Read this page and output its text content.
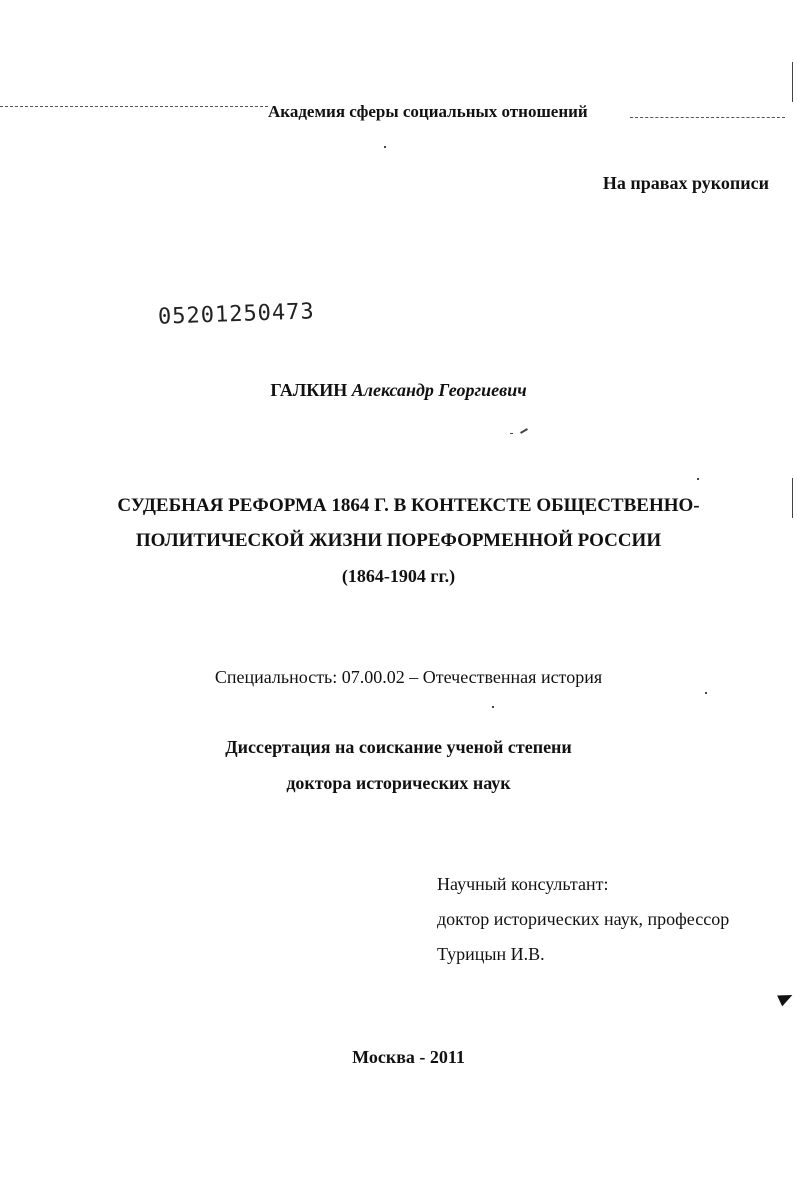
Академия сферы социальных отношений
На правах рукописи
05201250473
ГАЛКИН Александр Георгиевич
СУДЕБНАЯ РЕФОРМА 1864 Г. В КОНТЕКСТЕ ОБЩЕСТВЕННО-
ПОЛИТИЧЕСКОЙ ЖИЗНИ ПОРЕФОРМЕННОЙ РОССИИ
(1864-1904 гг.)
Специальность: 07.00.02 – Отечественная история
Диссертация на соискание ученой степени
доктора исторических наук
Научный консультант:
доктор исторических наук, профессор
Турицын И.В.
Москва - 2011
